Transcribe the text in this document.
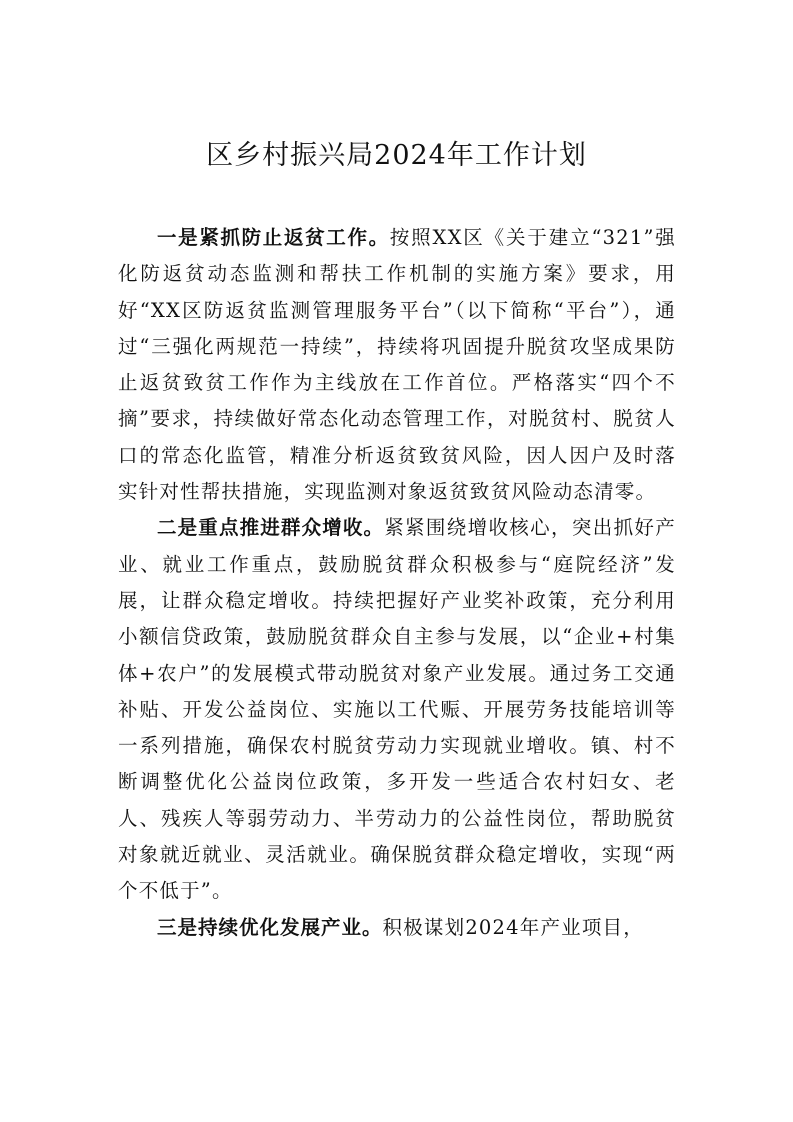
区乡村振兴局2024年工作计划

一是紧抓防止返贫工作。按照XX区《关于建立“321”强化防返贫动态监测和帮扶工作机制的实施方案》要求，用好“XX区防返贫监测管理服务平台”（以下简称“平台”），通过“三强化两规范一持续”，持续将巩固提升脱贫攻坚成果防止返贫致贫工作作为主线放在工作首位。严格落实“四个不摘”要求，持续做好常态化动态管理工作，对脱贫村、脱贫人口的常态化监管，精准分析返贫致贫风险，因人因户及时落实针对性帮扶措施，实现监测对象返贫致贫风险动态清零。

二是重点推进群众增收。紧紧围绕增收核心，突出抓好产业、就业工作重点，鼓励脱贫群众积极参与“庭院经济”发展，让群众稳定增收。持续把握好产业奖补政策，充分利用小额信贷政策，鼓励脱贫群众自主参与发展，以“企业+村集体+农户”的发展模式带动脱贫对象产业发展。通过务工交通补贴、开发公益岗位、实施以工代赈、开展劳务技能培训等一系列措施，确保农村脱贫劳动力实现就业增收。镇、村不断调整优化公益岗位政策，多开发一些适合农村妇女、老人、残疾人等弱劳动力、半劳动力的公益性岗位，帮助脱贫对象就近就业、灵活就业。确保脱贫群众稳定增收，实现“两个不低于”。

三是持续优化发展产业。积极谋划2024年产业项目，
